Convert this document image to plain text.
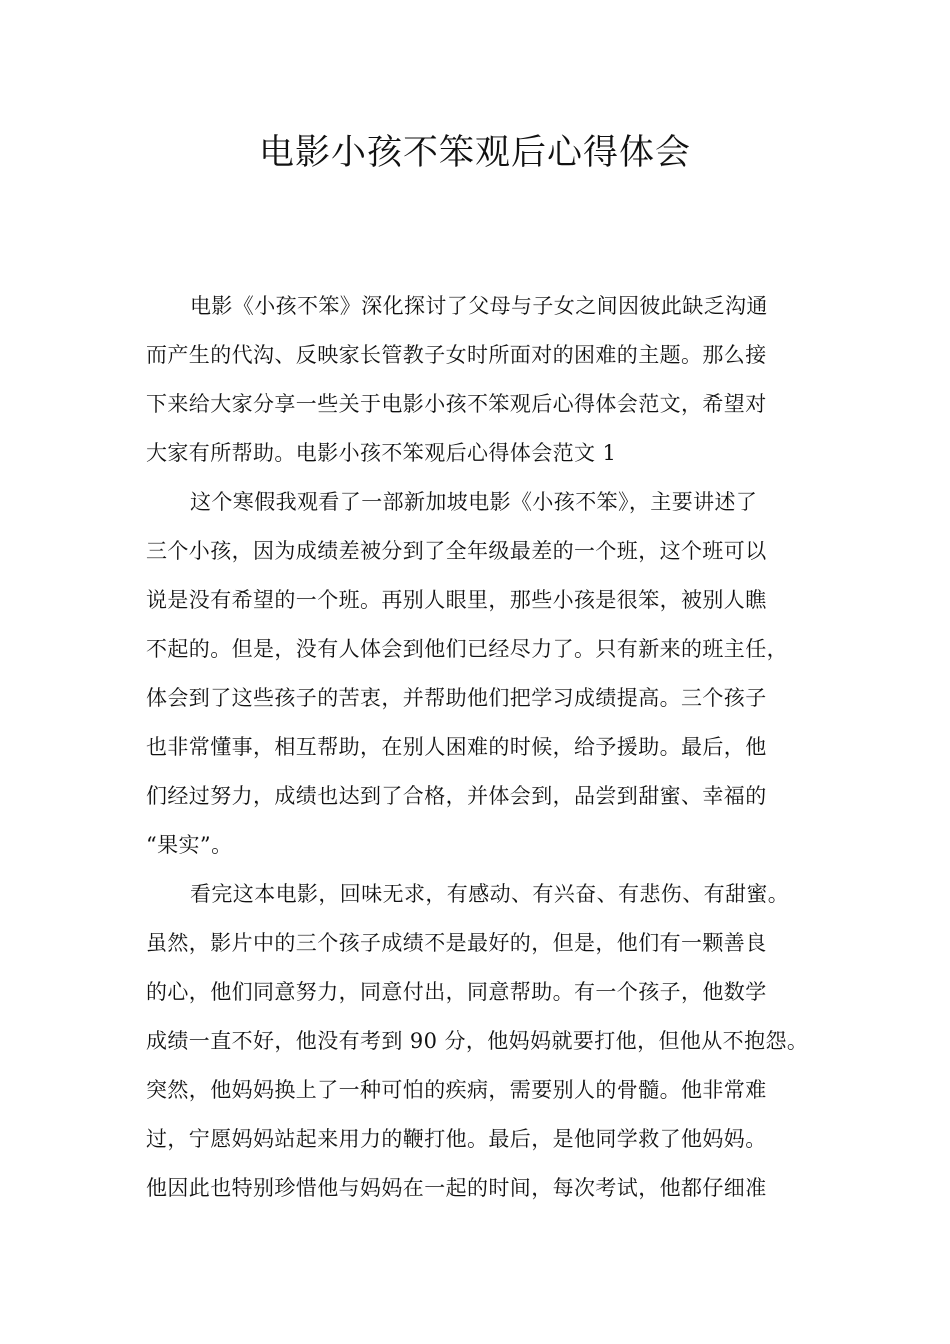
电影小孩不笨观后心得体会
电影《小孩不笨》深化探讨了父母与子女之间因彼此缺乏沟通
而产生的代沟、反映家长管教子女时所面对的困难的主题。那么接
下来给大家分享一些关于电影小孩不笨观后心得体会范文，希望对
大家有所帮助。电影小孩不笨观后心得体会范文 1
这个寒假我观看了一部新加坡电影《小孩不笨》，主要讲述了
三个小孩，因为成绩差被分到了全年级最差的一个班，这个班可以
说是没有希望的一个班。再别人眼里，那些小孩是很笨，被别人瞧
不起的。但是，没有人体会到他们已经尽力了。只有新来的班主任，
体会到了这些孩子的苦衷，并帮助他们把学习成绩提高。三个孩子
也非常懂事，相互帮助，在别人困难的时候，给予援助。最后，他
们经过努力，成绩也达到了合格，并体会到，品尝到甜蜜、幸福的
“果实”。
看完这本电影，回味无求，有感动、有兴奋、有悲伤、有甜蜜。
虽然，影片中的三个孩子成绩不是最好的，但是，他们有一颗善良
的心，他们同意努力，同意付出，同意帮助。有一个孩子，他数学
成绩一直不好，他没有考到 90 分，他妈妈就要打他，但他从不抱怨。
突然，他妈妈换上了一种可怕的疾病，需要别人的骨髓。他非常难
过，宁愿妈妈站起来用力的鞭打他。最后，是他同学救了他妈妈。
他因此也特别珍惜他与妈妈在一起的时间，每次考试，他都仔细准
